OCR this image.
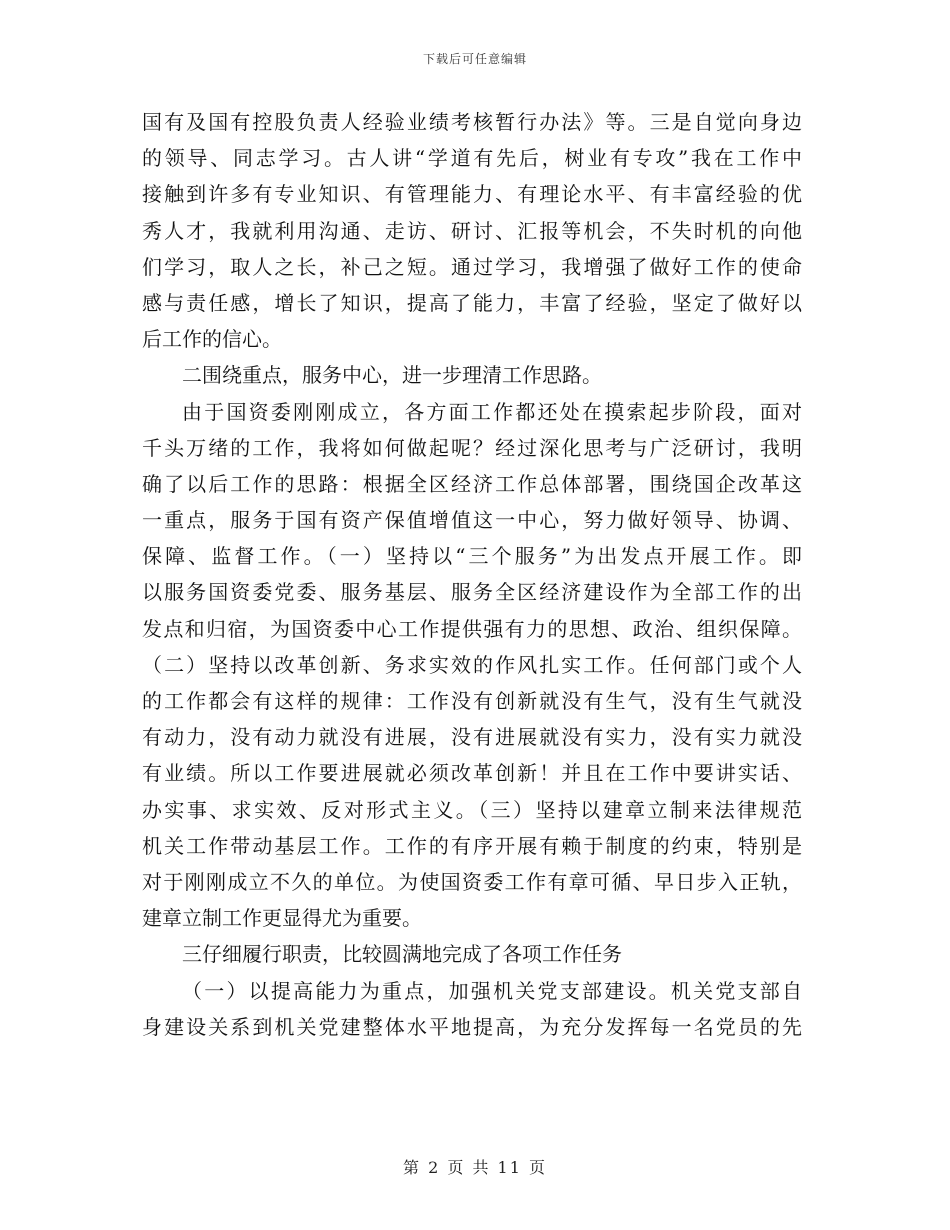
下载后可任意编辑
国有及国有控股负责人经验业绩考核暂行办法》等。三是自觉向身边
的领导、同志学习。古人讲“学道有先后，树业有专攻”我在工作中
接触到许多有专业知识、有管理能力、有理论水平、有丰富经验的优
秀人才，我就利用沟通、走访、研讨、汇报等机会，不失时机的向他
们学习，取人之长，补己之短。通过学习，我增强了做好工作的使命
感与责任感，增长了知识，提高了能力，丰富了经验，坚定了做好以
后工作的信心。
二围绕重点，服务中心，进一步理清工作思路。
由于国资委刚刚成立，各方面工作都还处在摸索起步阶段，面对
千头万绪的工作，我将如何做起呢？经过深化思考与广泛研讨，我明
确了以后工作的思路：根据全区经济工作总体部署，围绕国企改革这
一重点，服务于国有资产保值增值这一中心，努力做好领导、协调、
保障、监督工作。（一）坚持以“三个服务”为出发点开展工作。即
以服务国资委党委、服务基层、服务全区经济建设作为全部工作的出
发点和归宿，为国资委中心工作提供强有力的思想、政治、组织保障。
（二）坚持以改革创新、务求实效的作风扎实工作。任何部门或个人
的工作都会有这样的规律：工作没有创新就没有生气，没有生气就没
有动力，没有动力就没有进展，没有进展就没有实力，没有实力就没
有业绩。所以工作要进展就必须改革创新！并且在工作中要讲实话、
办实事、求实效、反对形式主义。（三）坚持以建章立制来法律规范
机关工作带动基层工作。工作的有序开展有赖于制度的约束，特别是
对于刚刚成立不久的单位。为使国资委工作有章可循、早日步入正轨，
建章立制工作更显得尤为重要。
三仔细履行职责，比较圆满地完成了各项工作任务
（一）以提高能力为重点，加强机关党支部建设。机关党支部自
身建设关系到机关党建整体水平地提高，为充分发挥每一名党员的先
第 2 页 共 11 页
